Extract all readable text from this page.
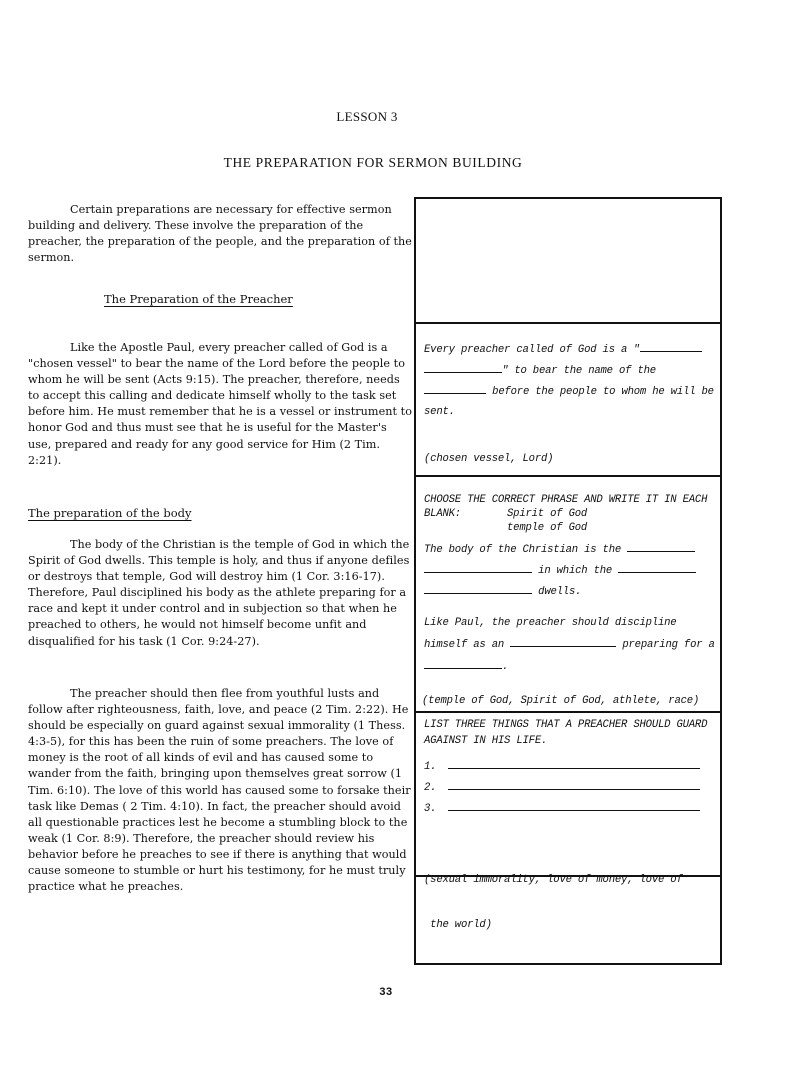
LESSON 3
THE PREPARATION FOR SERMON BUILDING

Certain preparations are necessary for effective sermon building and delivery. These involve the preparation of the preacher, the preparation of the people, and the preparation of the sermon.

The Preparation of the Preacher

Like the Apostle Paul, every preacher called of God is a "chosen vessel" to bear the name of the Lord before the people to whom he will be sent (Acts 9:15). The preacher, therefore, needs to accept this calling and dedicate himself wholly to the task set before him. He must remember that he is a vessel or instrument to honor God and thus must see that he is useful for the Master's use, prepared and ready for any good service for Him (2 Tim. 2:21).

The preparation of the body

The body of the Christian is the temple of God in which the Spirit of God dwells. This temple is holy, and thus if anyone defiles or destroys that temple, God will destroy him (1 Cor. 3:16-17). Therefore, Paul disciplined his body as the athlete preparing for a race and kept it under control and in subjection so that when he preached to others, he would not himself become unfit and disqualified for his task (1 Cor. 9:24-27).

The preacher should then flee from youthful lusts and follow after righteousness, faith, love, and peace (2 Tim. 2:22). He should be especially on guard against sexual immorality (1 Thess. 4:3-5), for this has been the ruin of some preachers. The love of money is the root of all kinds of evil and has caused some to wander from the faith, bringing upon themselves great sorrow (1 Tim. 6:10). The love of this world has caused some to forsake their task like Demas ( 2 Tim. 4:10). In fact, the preacher should avoid all questionable practices lest he become a stumbling block to the weak (1 Cor. 8:9). Therefore, the preacher should review his behavior before he preaches to see if there is anything that would cause someone to stumble or hurt his testimony, for he must truly practice what he preaches.

Every preacher called of God is a "
" to bear the name of the
before the people to whom he will be sent.
(chosen vessel, Lord)
CHOOSE THE CORRECT PHRASE AND WRITE IT IN EACH BLANK:	Spirit of God
temple of God
The body of the Christian is the
in which the
dwells.
Like Paul, the preacher should discipline himself as an	preparing for a .
(temple of God, Spirit of God, athlete, race)
LIST THREE THINGS THAT A PREACHER SHOULD GUARD AGAINST IN HIS LIFE.
1.
2.
3.

(sexual immorality, love of money, love of

the world)

33
